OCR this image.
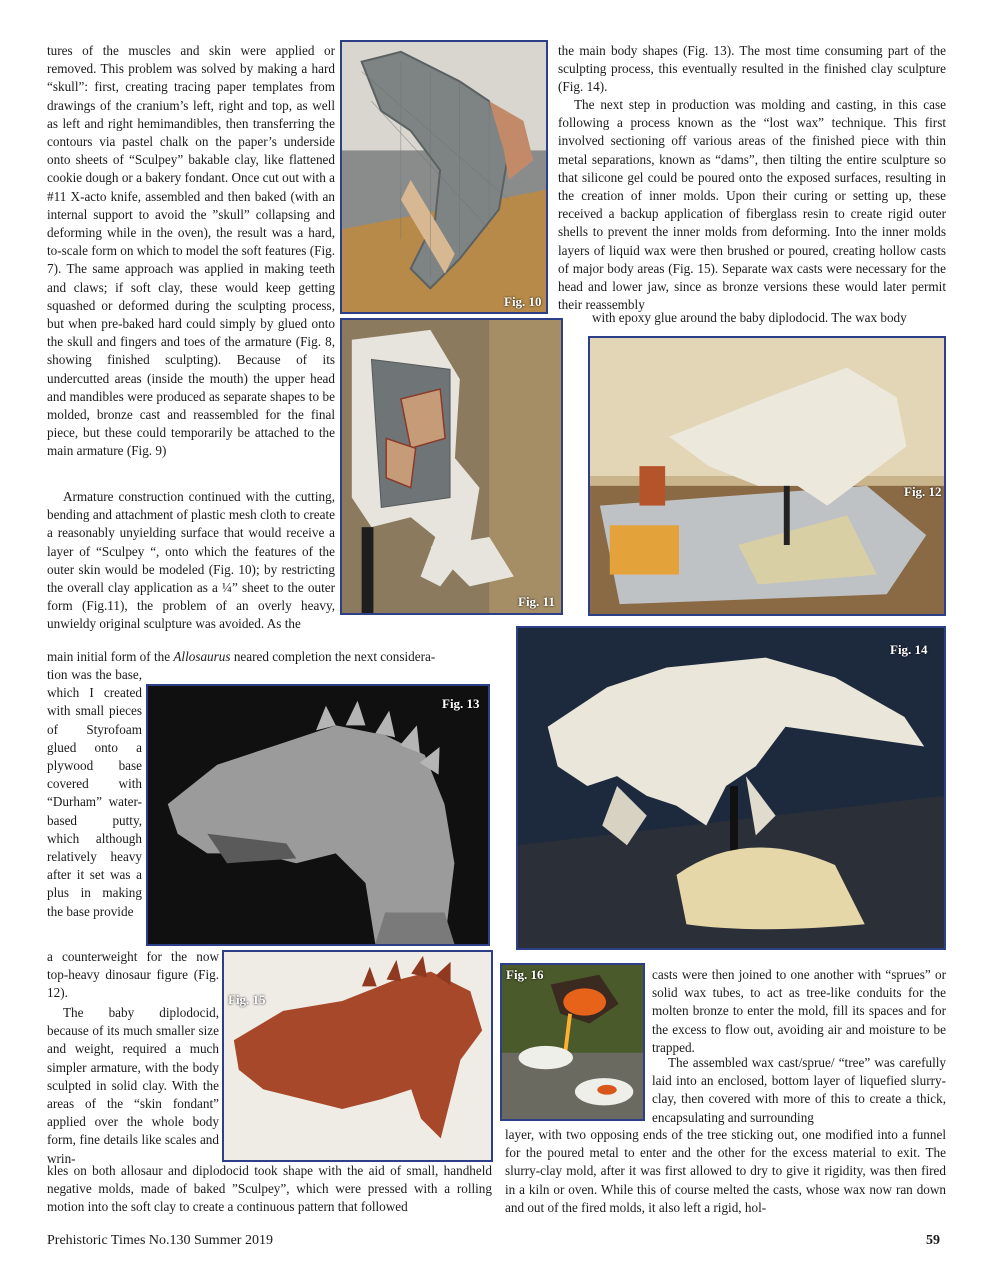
tures of the muscles and skin were applied or removed. This problem was solved by making a hard “skull”: first, creating tracing paper templates from drawings of the cranium’s left, right and top, as well as left and right hemimandibles, then transferring the contours via pastel chalk on the paper’s underside onto sheets of “Sculpey” bakable clay, like flattened cookie dough or a bakery fondant. Once cut out with a #11 X-acto knife, assembled and then baked (with an internal support to avoid the ”skull” collapsing and deforming while in the oven), the result was a hard, to-scale form on which to model the soft features (Fig. 7). The same approach was applied in making teeth and claws; if soft clay, these would keep getting squashed or deformed during the sculpting process, but when pre-baked hard could simply by glued onto the skull and fingers and toes of the armature (Fig. 8, showing finished sculpting). Because of its undercutted areas (inside the mouth) the upper head and mandibles were produced as separate shapes to be molded, bronze cast and reassembled for the final piece, but these could temporarily be attached to the main armature (Fig. 9)

Armature construction continued with the cutting, bending and attachment of plastic mesh cloth to create a reasonably unyielding surface that would receive a layer of “Sculpey “, onto which the features of the outer skin would be modeled (Fig. 10); by restricting the overall clay application as a ¼” sheet to the outer form (Fig.11), the problem of an overly heavy, unwieldy original sculpture was avoided. As the

main initial form of the Allosaurus neared completion the next considera-

tion was the base, which I created with small pieces of Styrofoam glued onto a plywood base covered with “Durham” water-based putty, which although relatively heavy after it set was a plus in making the base provide

a counterweight for the now top-heavy dinosaur figure (Fig. 12).

The baby diplodocid, because of its much smaller size and weight, required a much simpler armature, with the body sculpted in solid clay. With the areas of the “skin fondant” applied over the whole body form, fine details like scales and wrin-

kles on both allosaur and diplodocid took shape with the aid of small, handheld negative molds, made of baked ”Sculpey”, which were pressed with a rolling motion into the soft clay to create a continuous pattern that followed

the main body shapes (Fig. 13). The most time consuming part of the sculpting process, this eventually resulted in the finished clay sculpture (Fig. 14).

The next step in production was molding and casting, in this case following a process known as the “lost wax” technique. This first involved sectioning off various areas of the finished piece with thin metal separations, known as “dams”, then tilting the entire sculpture so that silicone gel could be poured onto the exposed surfaces, resulting in the creation of inner molds. Upon their curing or setting up, these received a backup application of fiberglass resin to create rigid outer shells to prevent the inner molds from deforming. Into the inner molds layers of liquid wax were then brushed or poured, creating hollow casts of major body areas (Fig. 15). Separate wax casts were necessary for the head and lower jaw, since as bronze versions these would later permit their reassembly

with epoxy glue around the baby diplodocid. The wax body

casts were then joined to one another with “sprues” or solid wax tubes, to act as tree-like conduits for the molten bronze to enter the mold, fill its spaces and for the excess to flow out, avoiding air and moisture to be trapped.

The assembled wax cast/sprue/ “tree” was carefully laid into an enclosed, bottom layer of liquefied slurry-clay, then covered with more of this to create a thick, encapsulating and surrounding

layer, with two opposing ends of the tree sticking out, one modified into a funnel for the poured metal to enter and the other for the excess material to exit. The slurry-clay mold, after it was first allowed to dry to give it rigidity, was then fired in a kiln or oven. While this of course melted the casts, whose wax now ran down and out of the fired molds, it also left a rigid, hol-

Fig. 10
Fig. 11
Fig. 12
Fig. 14
Fig. 13
Fig. 15
Fig. 16
Prehistoric Times No.130 Summer 2019	59
